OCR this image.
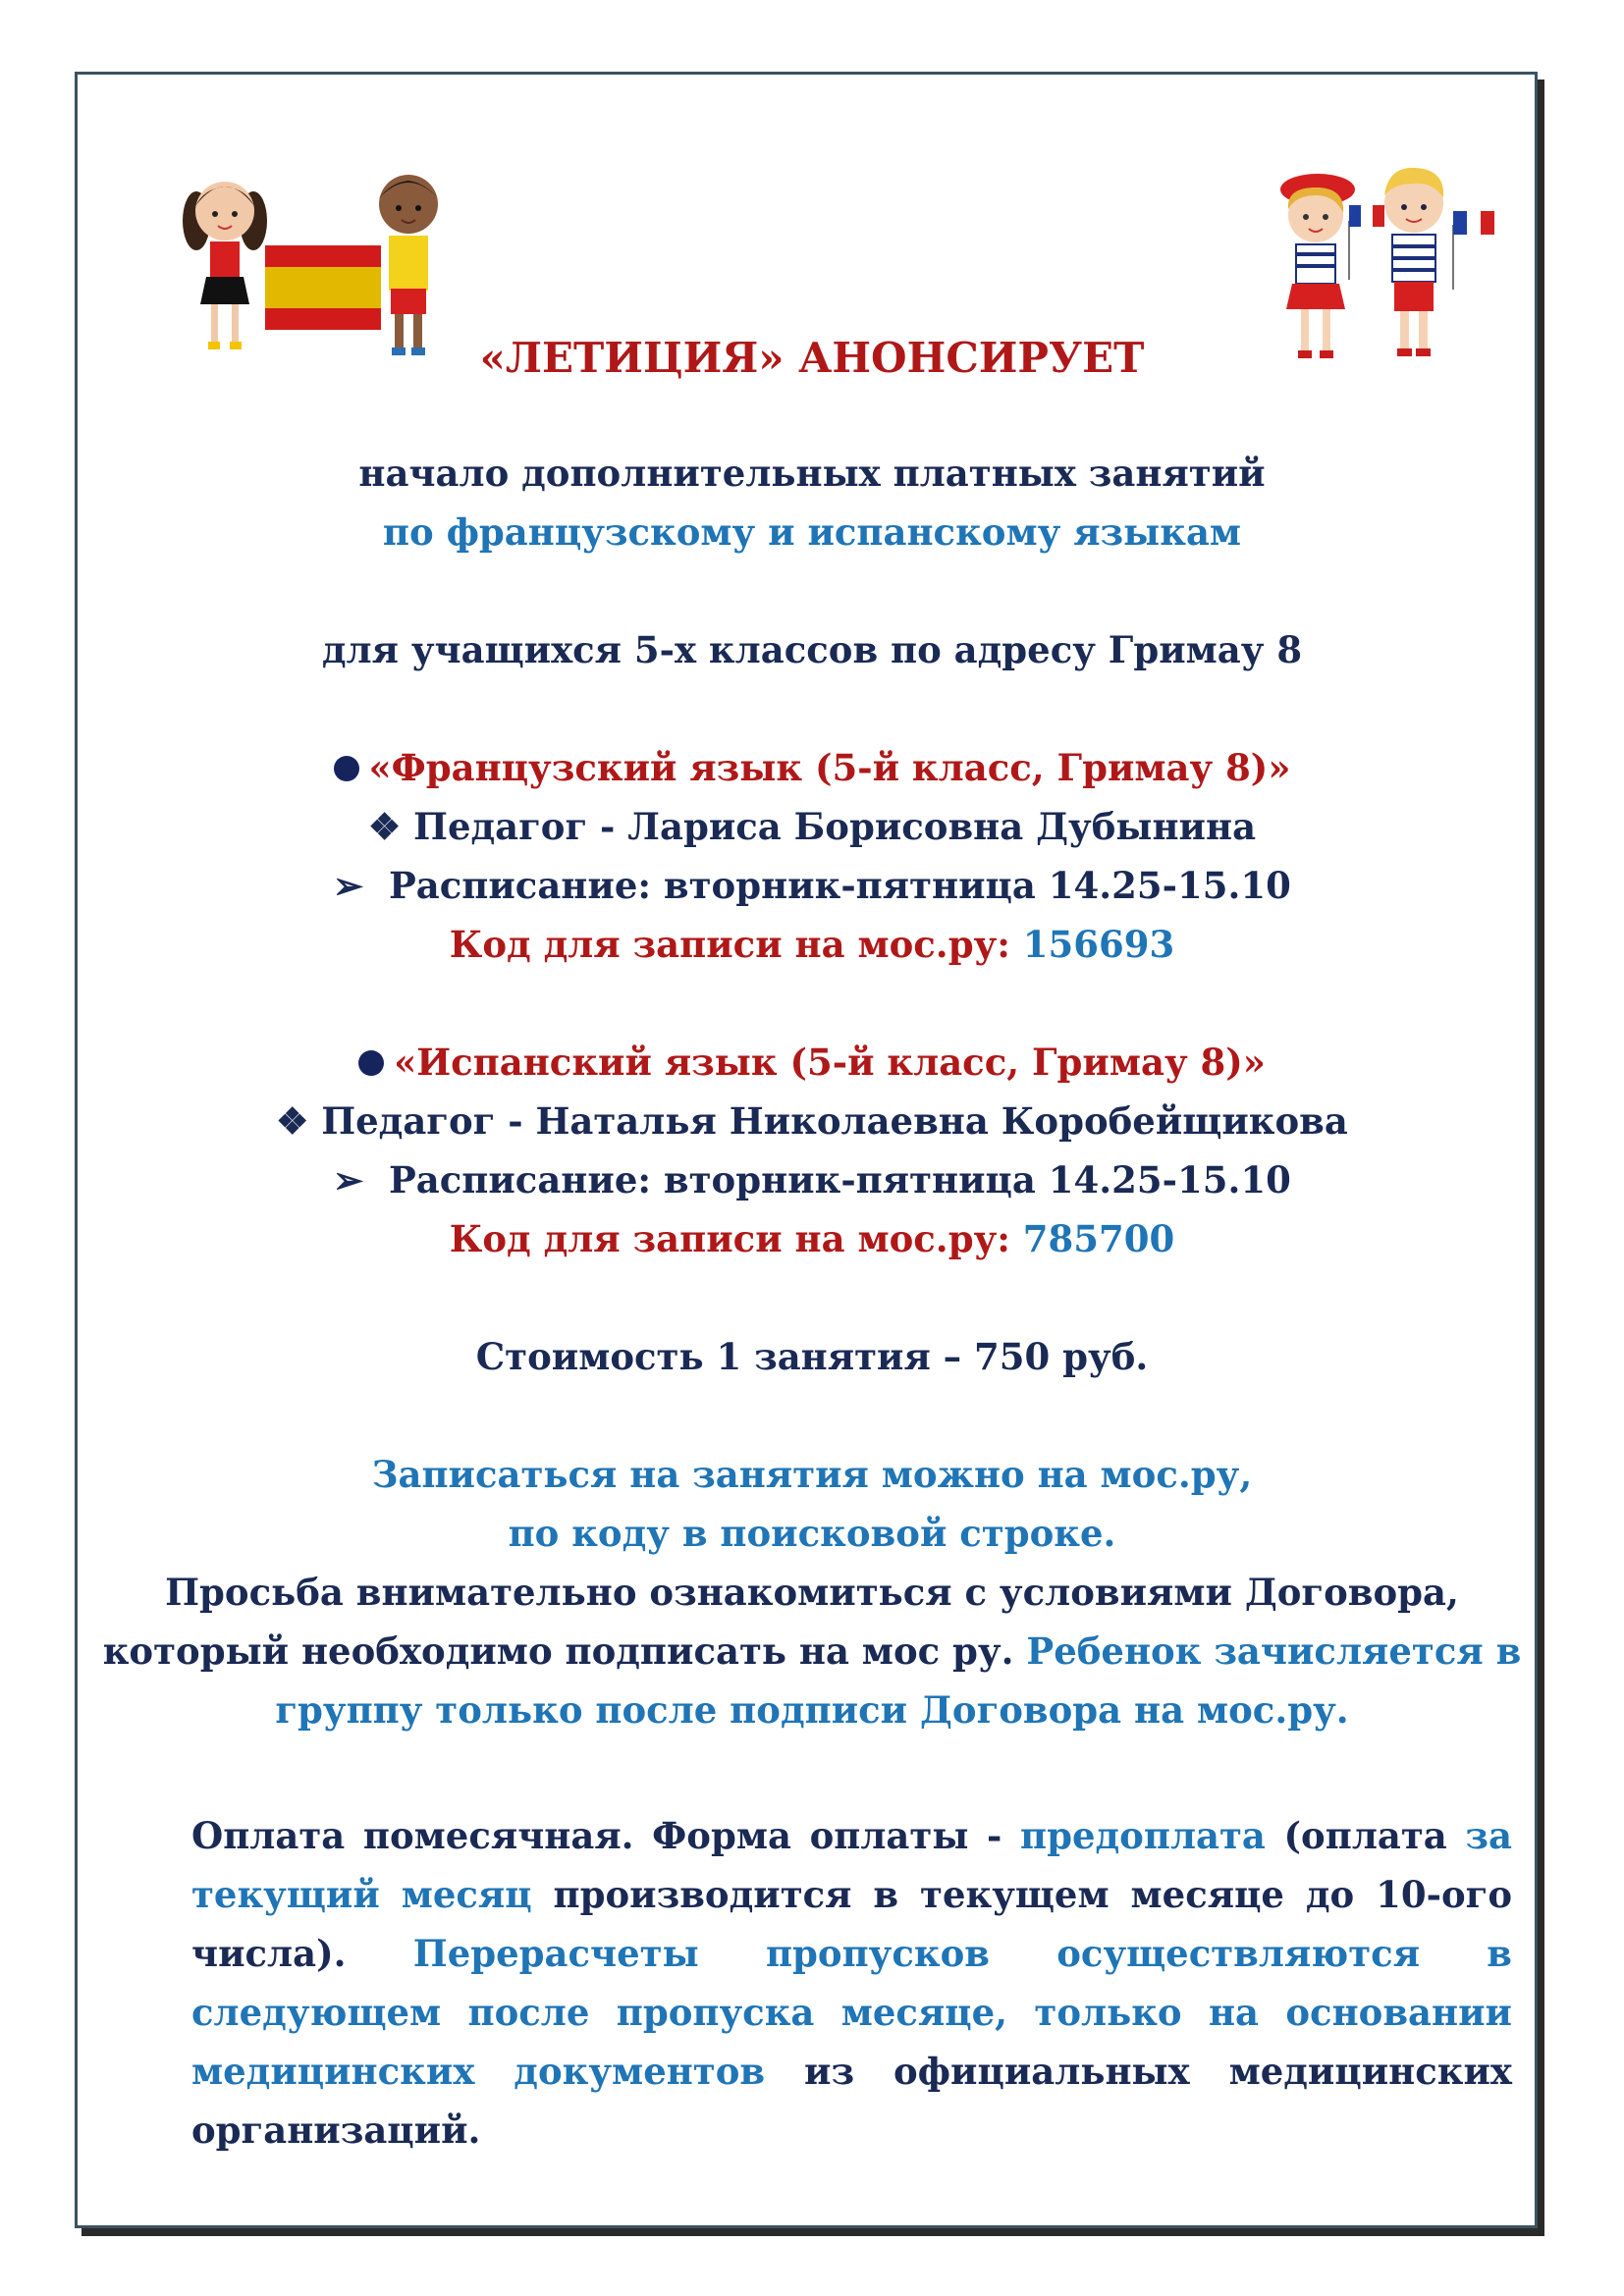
«ЛЕТИЦИЯ» АНОНСИРУЕТ
начало дополнительных платных занятий
по французскому и испанскому языкам
для учащихся 5-х классов по адресу Гримау 8
«Французский язык (5-й класс, Гримау 8)»
❖ Педагог - Лариса Борисовна Дубынина
➢ Расписание: вторник-пятница 14.25-15.10
Код для записи на мос.ру: 156693
«Испанский язык (5-й класс, Гримау 8)»
❖ Педагог - Наталья Николаевна Коробейщикова
➢ Расписание: вторник-пятница 14.25-15.10
Код для записи на мос.ру: 785700
Стоимость 1 занятия – 750 руб.
Записаться на занятия можно на мос.ру,
по коду в поисковой строке.
Просьба внимательно ознакомиться с условиями Договора,
который необходимо подписать на мос ру. Ребенок зачисляется в
группу только после подписи Договора на мос.ру.
Оплата помесячная. Форма оплаты - предоплата (оплата за текущий месяц производится в текущем месяце до 10-ого числа). Перерасчеты пропусков осуществляются в следующем после пропуска месяце, только на основании медицинских документов из официальных медицинских организаций.
